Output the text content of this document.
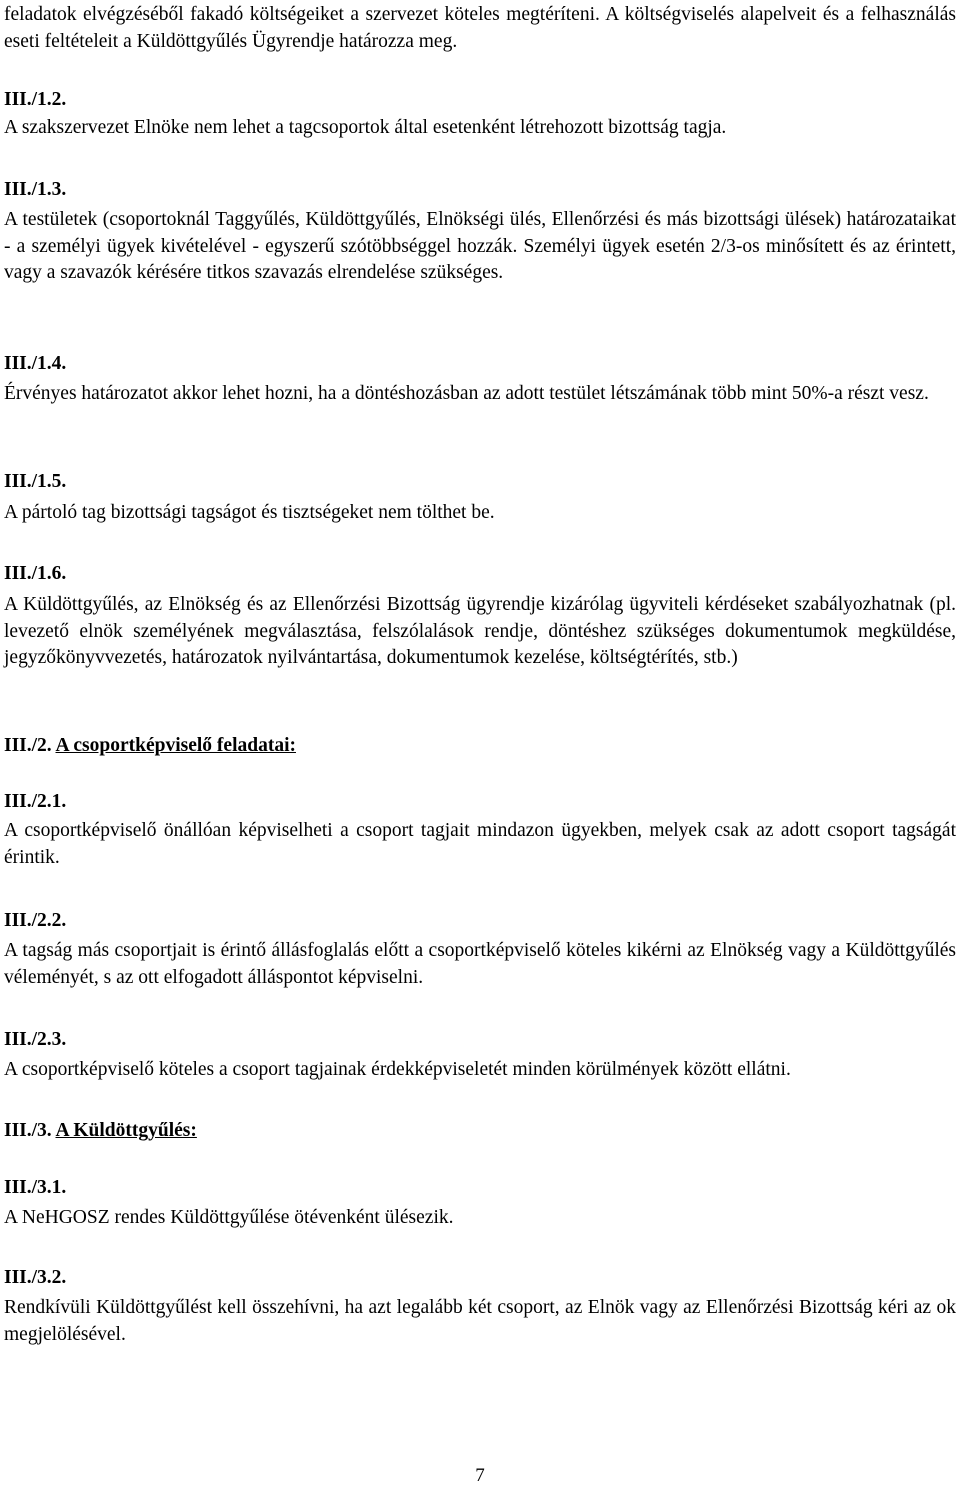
feladatok elvégzéséből fakadó költségeiket a szervezet köteles megtéríteni. A költségviselés alapelveit és a felhasználás eseti feltételeit a Küldöttgyűlés Ügyrendje határozza meg.

III./1.2.

A szakszervezet Elnöke nem lehet a tagcsoportok által esetenként létrehozott bizottság tagja.

III./1.3.

A testületek (csoportoknál Taggyűlés, Küldöttgyűlés, Elnökségi ülés, Ellenőrzési és más bizottsági ülések) határozataikat - a személyi ügyek kivételével - egyszerű szótöbbséggel hozzák. Személyi ügyek esetén 2/3-os minősített és az érintett, vagy a szavazók kérésére titkos szavazás elrendelése szükséges.

III./1.4.

Érvényes határozatot akkor lehet hozni, ha a döntéshozásban az adott testület létszámának több mint 50%-a részt vesz.

III./1.5.

A pártoló tag bizottsági tagságot és tisztségeket nem tölthet be.

III./1.6.

A Küldöttgyűlés, az Elnökség és az Ellenőrzési Bizottság ügyrendje kizárólag ügyviteli kérdéseket szabályozhatnak (pl. levezető elnök személyének megválasztása, felszólalások rendje, döntéshez szükséges dokumentumok megküldése, jegyzőkönyvvezetés, határozatok nyilvántartása, dokumentumok kezelése, költségtérítés, stb.)

III./2. A csoportképviselő feladatai:
III./2.1.

A csoportképviselő önállóan képviselheti a csoport tagjait mindazon ügyekben, melyek csak az adott csoport tagságát érintik.

III./2.2.

A tagság más csoportjait is érintő állásfoglalás előtt a csoportképviselő köteles kikérni az Elnökség vagy a Küldöttgyűlés véleményét, s az ott elfogadott álláspontot képviselni.

III./2.3.

A csoportképviselő köteles a csoport tagjainak érdekképviseletét minden körülmények között ellátni.

III./3. A Küldöttgyűlés:
III./3.1.

A NeHGOSZ rendes Küldöttgyűlése ötévenként ülésezik.

III./3.2.

Rendkívüli Küldöttgyűlést kell összehívni, ha azt legalább két csoport, az Elnök vagy az Ellenőrzési Bizottság kéri az ok megjelölésével.

7
